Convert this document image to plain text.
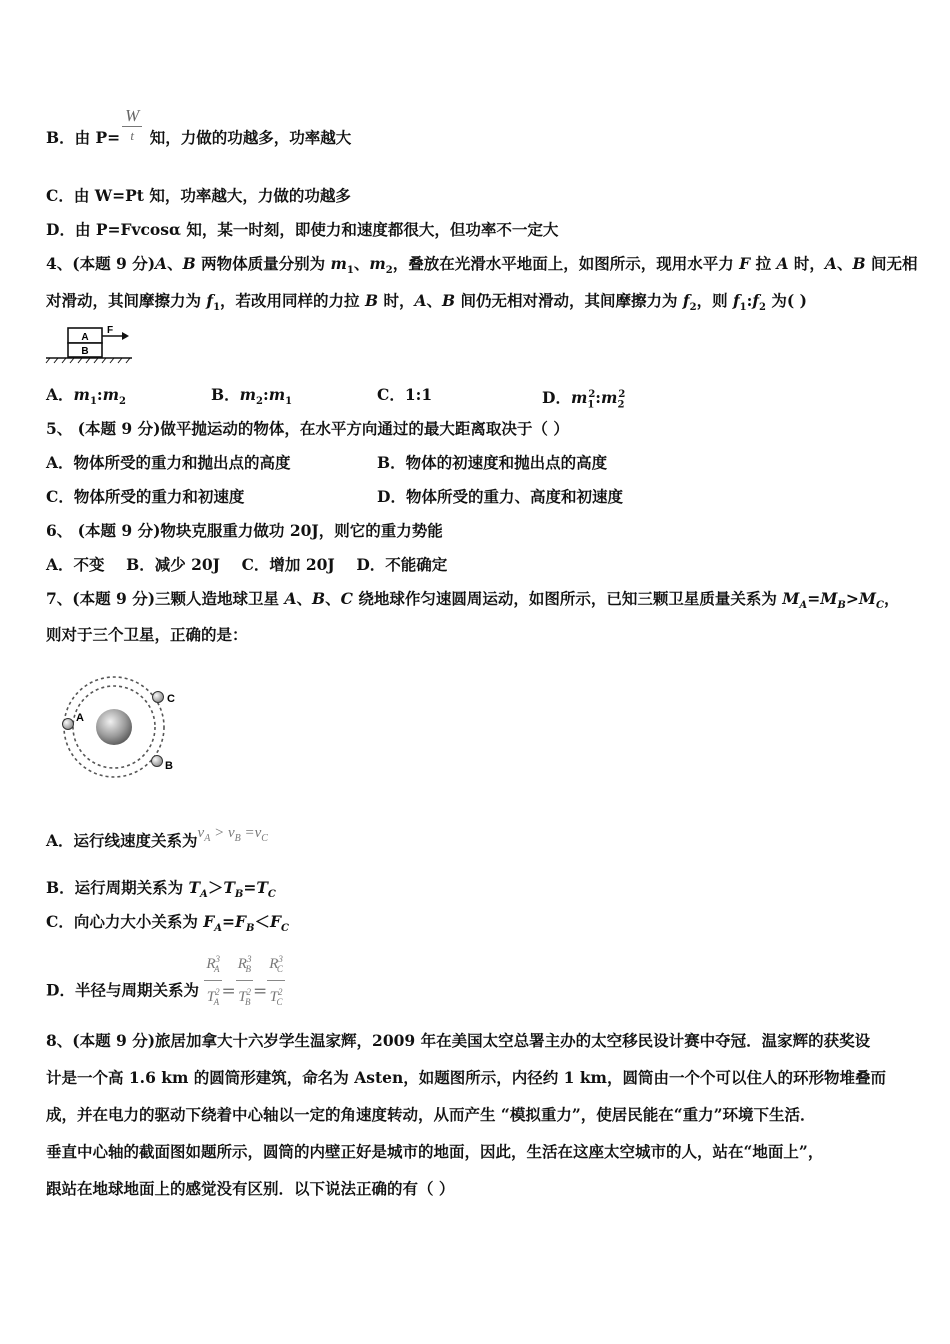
B．由 $P= \frac{W}{t}$ 知，力做的功越多，功率越大
C．由 W=Pt 知，功率越大，力做的功越多
D．由 P=Fvcosα 知，某一时刻，即使力和速度都很大，但功率不一定大
4、(本题 9 分)A、B 两物体质量分别为 $m_1$、$m_2$，叠放在光滑水平地面上，如图所示，现用水平力 F 拉 A 时，A、B 间无相
对滑动，其间摩擦力为 $f_1$，若改用同样的力拉 B 时，A、B 间仍无相对滑动，其间摩擦力为 $f_2$，则 $f_1:f_2$ 为( )
A
B
F
A．$m_1:m_2$	B．$m_2:m_1$	C．1:1	D．$m_1^2:m_2^2$
5、 (本题 9 分)做平抛运动的物体，在水平方向通过的最大距离取决于（ ）
A．物体所受的重力和抛出点的高度	B．物体的初速度和抛出点的高度
C．物体所受的重力和初速度	D．物体所受的重力、高度和初速度
6、 (本题 9 分)物块克服重力做功 20J，则它的重力势能
A．不变    B．减少 20J    C．增加 20J    D．不能确定
7、(本题 9 分)三颗人造地球卫星 A、B、C 绕地球作匀速圆周运动，如图所示，已知三颗卫星质量关系为 $M_A=M_B>M_C$，
则对于三个卫星，正确的是：
A
C
B
A．运行线速度关系为$v_A > v_B =v_C$
B．运行周期关系为 $T_A>T_B=T_C$
C．向心力大小关系为 $F_A=F_B<F_C$
D．半径与周期关系为 $\frac{R^3_A}{T^2_A} = \frac{R^3_B}{T^2_B} = \frac{R^3_C}{T^2_C}$
8、(本题 9 分)旅居加拿大十六岁学生温家辉，2009 年在美国太空总署主办的太空移民设计赛中夺冠．温家辉的获奖设
计是一个高 1.6 km 的圆筒形建筑，命名为 Asten，如题图所示，内径约 1 km，圆筒由一个个可以住人的环形物堆叠而
成，并在电力的驱动下绕着中心轴以一定的角速度转动，从而产生 “模拟重力”，使居民能在“重力”环境下生活．
垂直中心轴的截面图如题所示，圆筒的内壁正好是城市的地面，因此，生活在这座太空城市的人，站在“地面上”，
跟站在地球地面上的感觉没有区别．以下说法正确的有（ ）
